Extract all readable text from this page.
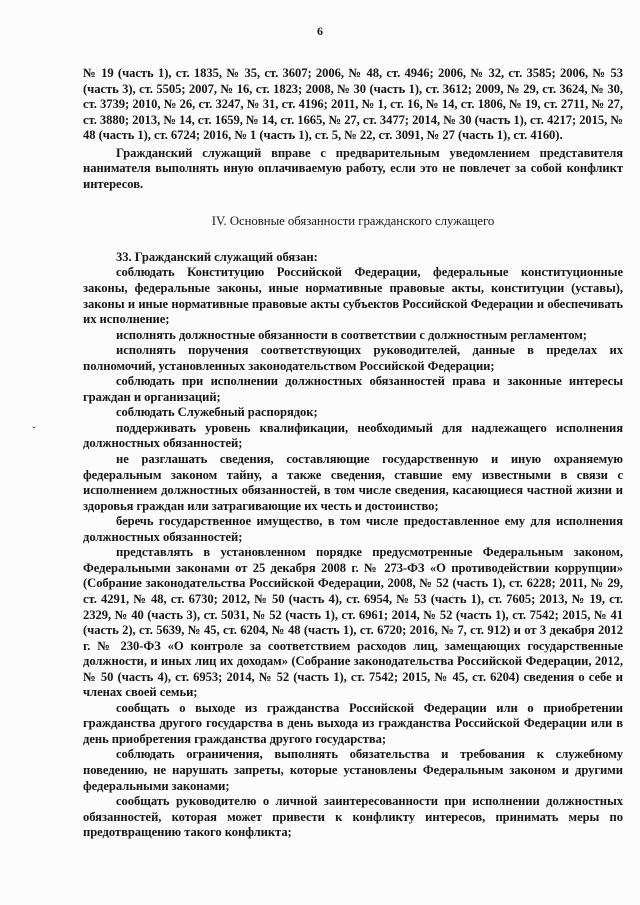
6
ˇ

№ 19 (часть 1), ст. 1835, № 35, ст. 3607; 2006, № 48, ст. 4946; 2006, № 32, ст. 3585; 2006, № 53 (часть 3), ст. 5505; 2007, № 16, ст. 1823; 2008, № 30 (часть 1), ст. 3612; 2009, № 29, ст. 3624, № 30, ст. 3739; 2010, № 26, ст. 3247, № 31, ст. 4196; 2011, № 1, ст. 16, № 14, ст. 1806, № 19, ст. 2711, № 27, ст. 3880; 2013, № 14, ст. 1659, № 14, ст. 1665, № 27, ст. 3477; 2014, № 30 (часть 1), ст. 4217; 2015, № 48 (часть 1), ст. 6724; 2016, № 1 (часть 1), ст. 5, № 22, ст. 3091, № 27 (часть 1), ст. 4160).

Гражданский служащий вправе с предварительным уведомлением представителя нанимателя выполнять иную оплачиваемую работу, если это не повлечет за собой конфликт интересов.

IV. Основные обязанности гражданского служащего

33. Гражданский служащий обязан:

соблюдать Конституцию Российской Федерации, федеральные конституционные законы, федеральные законы, иные нормативные правовые акты, конституции (уставы), законы и иные нормативные правовые акты субъектов Российской Федерации и обеспечивать их исполнение;

исполнять должностные обязанности в соответствии с должностным регламентом;

исполнять поручения соответствующих руководителей, данные в пределах их полномочий, установленных законодательством Российской Федерации;

соблюдать при исполнении должностных обязанностей права и законные интересы граждан и организаций;

соблюдать Служебный распорядок;

поддерживать уровень квалификации, необходимый для надлежащего исполнения должностных обязанностей;

не разглашать сведения, составляющие государственную и иную охраняемую федеральным законом тайну, а также сведения, ставшие ему известными в связи с исполнением должностных обязанностей, в том числе сведения, касающиеся частной жизни и здоровья граждан или затрагивающие их честь и достоинство;

беречь государственное имущество, в том числе предоставленное ему для исполнения должностных обязанностей;

представлять в установленном порядке предусмотренные Федеральным законом, Федеральными законами от 25 декабря 2008 г. № 273-ФЗ «О противодействии коррупции» (Собрание законодательства Российской Федерации, 2008, № 52 (часть 1), ст. 6228; 2011, № 29, ст. 4291, № 48, ст. 6730; 2012, № 50 (часть 4), ст. 6954, № 53 (часть 1), ст. 7605; 2013, № 19, ст. 2329, № 40 (часть 3), ст. 5031, № 52 (часть 1), ст. 6961; 2014, № 52 (часть 1), ст. 7542; 2015, № 41 (часть 2), ст. 5639, № 45, ст. 6204, № 48 (часть 1), ст. 6720; 2016, № 7, ст. 912) и от 3 декабря 2012 г. № 230-ФЗ «О контроле за соответствием расходов лиц, замещающих государственные должности, и иных лиц их доходам» (Собрание законодательства Российской Федерации, 2012, № 50 (часть 4), ст. 6953; 2014, № 52 (часть 1), ст. 7542; 2015, № 45, ст. 6204) сведения о себе и членах своей семьи;

сообщать о выходе из гражданства Российской Федерации или о приобретении гражданства другого государства в день выхода из гражданства Российской Федерации или в день приобретения гражданства другого государства;

соблюдать ограничения, выполнять обязательства и требования к служебному поведению, не нарушать запреты, которые установлены Федеральным законом и другими федеральными законами;

сообщать руководителю о личной заинтересованности при исполнении должностных обязанностей, которая может привести к конфликту интересов, принимать меры по предотвращению такого конфликта;
